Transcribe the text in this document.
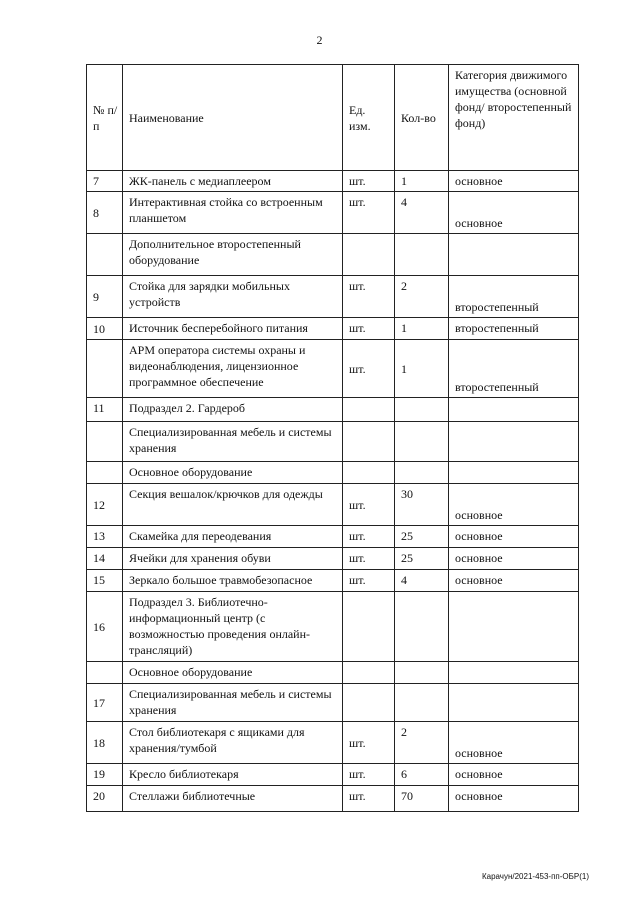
2
№ п/п	Наименование	Ед. изм.	Кол-во	Категория движимого имущества (основной фонд/ второстепенный фонд)
7	ЖК-панель с медиаплеером	шт.	1	основное
8	Интерактивная стойка со встроенным планшетом	шт.	4	основное
	Дополнительное второстепенный оборудование			
9	Стойка для зарядки мобильных устройств	шт.	2	второстепенный
10	Источник бесперебойного питания	шт.	1	второстепенный
	АРМ оператора системы охраны и видеонаблюдения, лицензионное программное обеспечение	шт.	1	второстепенный
11	Подраздел 2. Гардероб			
	Специализированная мебель и системы хранения			
	Основное оборудование			
12	Секция вешалок/крючков для одежды	шт.	30	основное
13	Скамейка для переодевания	шт.	25	основное
14	Ячейки для хранения обуви	шт.	25	основное
15	Зеркало большое травмобезопасное	шт.	4	основное
16	Подраздел 3. Библиотечно-информационный центр (с возможностью проведения онлайн-трансляций)			
	Основное оборудование			
17	Специализированная мебель и системы хранения			
18	Стол библиотекаря с ящиками для хранения/тумбой	шт.	2	основное
19	Кресло библиотекаря	шт.	6	основное
20	Стеллажи библиотечные	шт.	70	основное
Карачун/2021-453-пп-ОБР(1)
